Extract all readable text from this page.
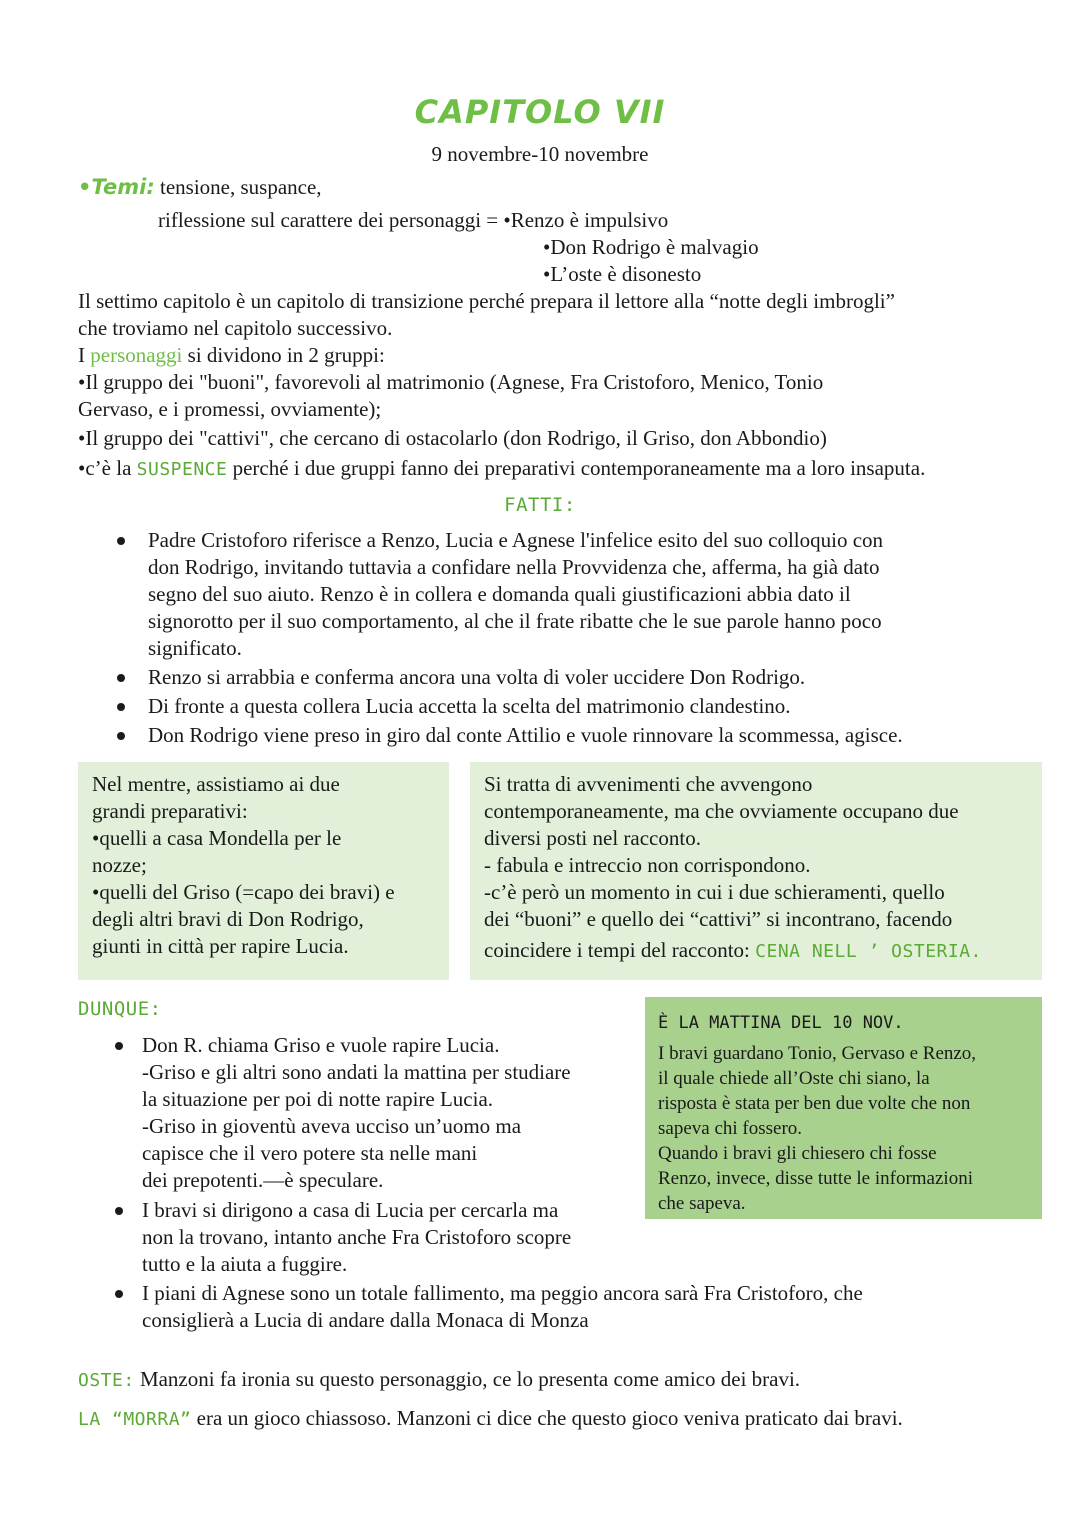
CAPITOLO VII
9 novembre-10 novembre
•Temi: tensione, suspance,
riflessione sul carattere dei personaggi = •Renzo è impulsivo
•Don Rodrigo è malvagio
•L’oste è disonesto

Il settimo capitolo è un capitolo di transizione perché prepara il lettore alla “notte degli imbrogli”

che troviamo nel capitolo successivo.

I personaggi si dividono in 2 gruppi:

•Il gruppo dei "buoni", favorevoli al matrimonio (Agnese, Fra Cristoforo, Menico, Tonio

Gervaso, e i promessi, ovviamente);

•Il gruppo dei "cattivi", che cercano di ostacolarlo (don Rodrigo, il Griso, don Abbondio)

•c’è la SUSPENCE perché i due gruppi fanno dei preparativi contemporaneamente ma a loro insaputa.

FATTI:

Padre Cristoforo riferisce a Renzo, Lucia e Agnese l'infelice esito del suo colloquio con

don Rodrigo, invitando tuttavia a confidare nella Provvidenza che, afferma, ha già dato

segno del suo aiuto. Renzo è in collera e domanda quali giustificazioni abbia dato il

signorotto per il suo comportamento, al che il frate ribatte che le sue parole hanno poco

significato.

Renzo si arrabbia e conferma ancora una volta di voler uccidere Don Rodrigo.

Di fronte a questa collera Lucia accetta la scelta del matrimonio clandestino.

Don Rodrigo viene preso in giro dal conte Attilio e vuole rinnovare la scommessa, agisce.

Nel mentre, assistiamo ai due

grandi preparativi:

•quelli a casa Mondella per le

nozze;

•quelli del Griso (=capo dei bravi) e

degli altri bravi di Don Rodrigo,

giunti in città per rapire Lucia.

Si tratta di avvenimenti che avvengono

contemporaneamente, ma che ovviamente occupano due

diversi posti nel racconto.

- fabula e intreccio non corrispondono.

-c’è però un momento in cui i due schieramenti, quello

dei “buoni” e quello dei “cattivi” si incontrano, facendo

coincidere i tempi del racconto: CENA NELL ’ OSTERIA.

DUNQUE:

Don R. chiama Griso e vuole rapire Lucia.

-Griso e gli altri sono andati la mattina per studiare

la situazione per poi di notte rapire Lucia.

-Griso in gioventù aveva ucciso un’uomo ma

capisce che il vero potere sta nelle mani

dei prepotenti.—è speculare.

I bravi si dirigono a casa di Lucia per cercarla ma

non la trovano, intanto anche Fra Cristoforo scopre

tutto e la aiuta a fuggire.

I piani di Agnese sono un totale fallimento, ma peggio ancora sarà Fra Cristoforo, che

consiglierà a Lucia di andare dalla Monaca di Monza

È LA MATTINA DEL 10 NOV.

I bravi guardano Tonio, Gervaso e Renzo,

il quale chiede all’Oste chi siano, la

risposta è stata per ben due volte che non

sapeva chi fossero.

Quando i bravi gli chiesero chi fosse

Renzo, invece, disse tutte le informazioni

che sapeva.

OSTE: Manzoni fa ironia su questo personaggio, ce lo presenta come amico dei bravi.
LA “MORRA” era un gioco chiassoso. Manzoni ci dice che questo gioco veniva praticato dai bravi.
